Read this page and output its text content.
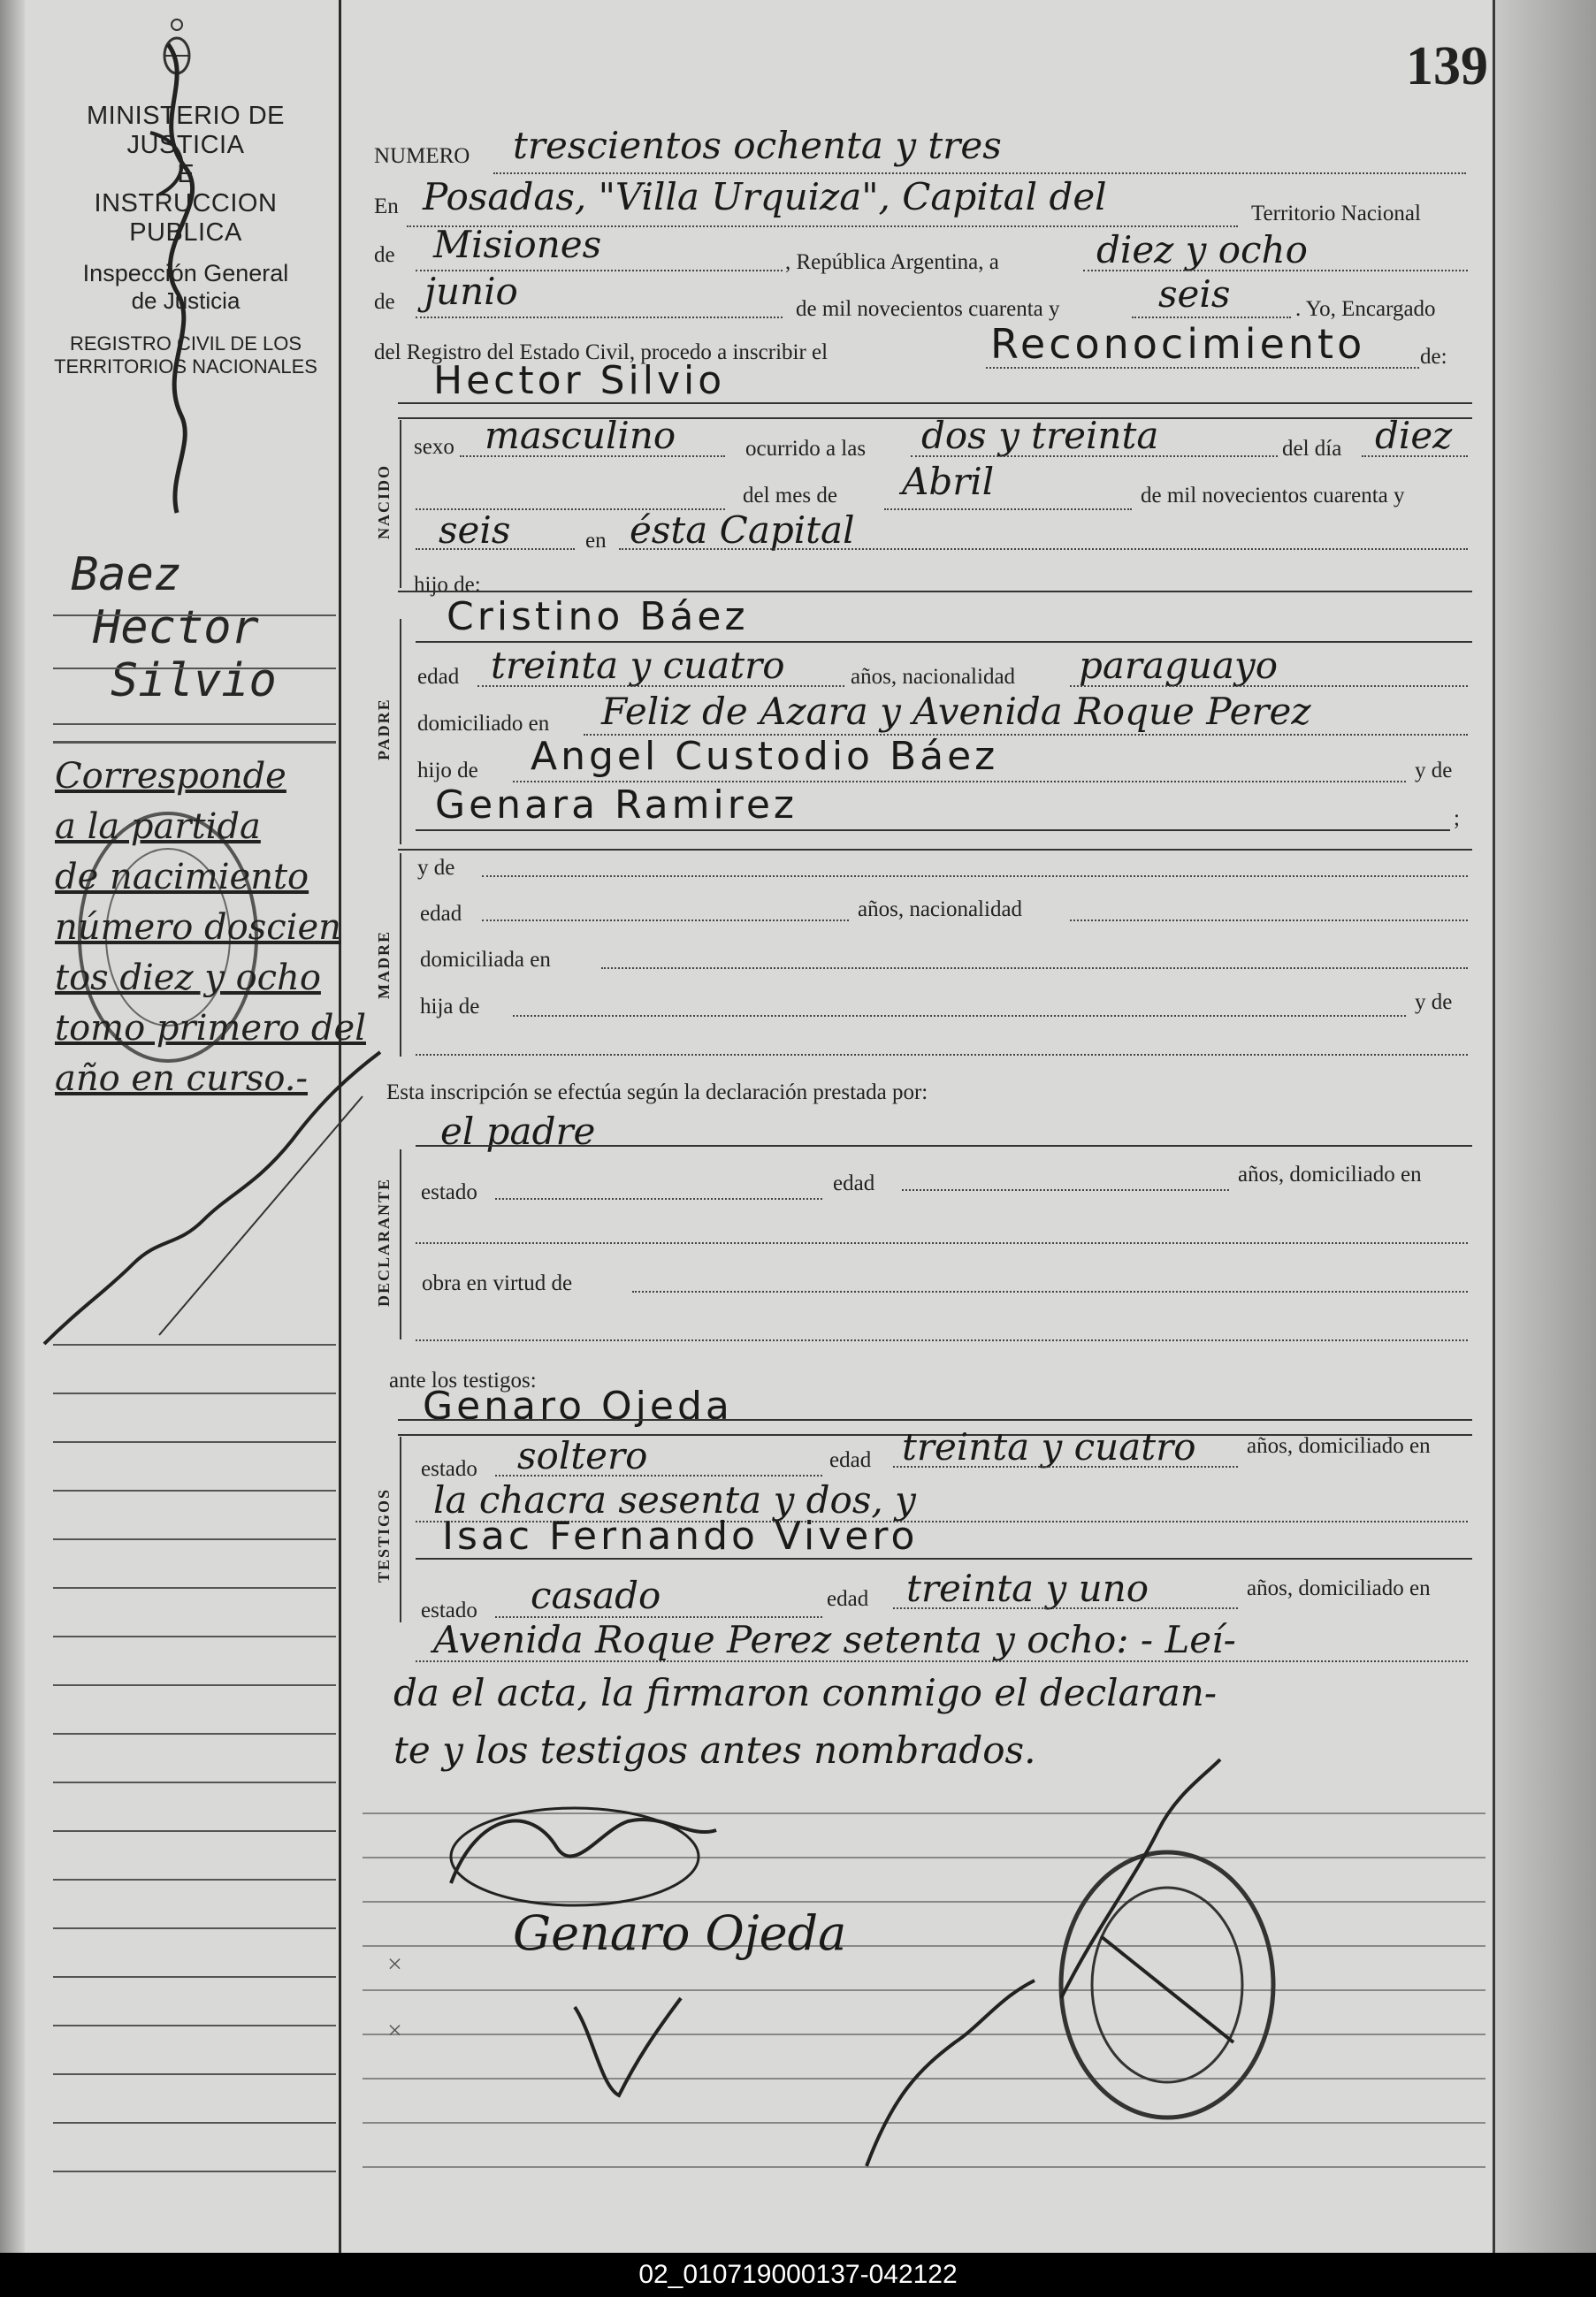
MINISTERIO DE JUSTICIA
E
INSTRUCCION PUBLICA
Inspección General
de Justicia
REGISTRO CIVIL DE LOS
TERRITORIOS NACIONALES
Baez
Hector
Silvio
Corresponde
a la partida
de nacimiento
número doscien
tos diez y ocho
tomo primero del
año en curso.-
139
NUMERO trescientos ochenta y tres
En Posadas, "Villa Urquiza", Capital del	Territorio Nacional
de Misiones	, República Argentina, a	diez y ocho
de junio	de mil novecientos cuarenta y	seis	. Yo, Encargado
del Registro del Estado Civil, procedo a inscribir el	Reconocimiento de:
Hector Silvio
NACIDO
sexo masculino	ocurrido a las dos y treinta	del día diez
del mes de Abril	de mil novecientos cuarenta y
seis	en ésta Capital
hijo de:
PADRE
Cristino Báez
edad treinta y cuatro	años, nacionalidad paraguayo
domiciliado en Feliz de Azara y Avenida Roque Perez
hijo de Angel Custodio Báez	y de
Genara Ramirez	;
MADRE
y de
edad	años, nacionalidad
domiciliada en
hija de	y de
Esta inscripción se efectúa según la declaración prestada por:
el padre
DECLARANTE estado	edad	años, domiciliado en
obra en virtud de
ante los testigos:
Genaro Ojeda
TESTIGOS
estado soltero	edad treinta y cuatro años, domiciliado en
la chacra sesenta y dos, y
Isac Fernando Vivero
estado casado	edad treinta y uno	años, domiciliado en
Avenida Roque Perez setenta y ocho: - Leí-
da el acta, la firmaron conmigo el declaran-
te y los testigos antes nombrados.
Genaro Ojeda
×
×
02_010719000137-042122
